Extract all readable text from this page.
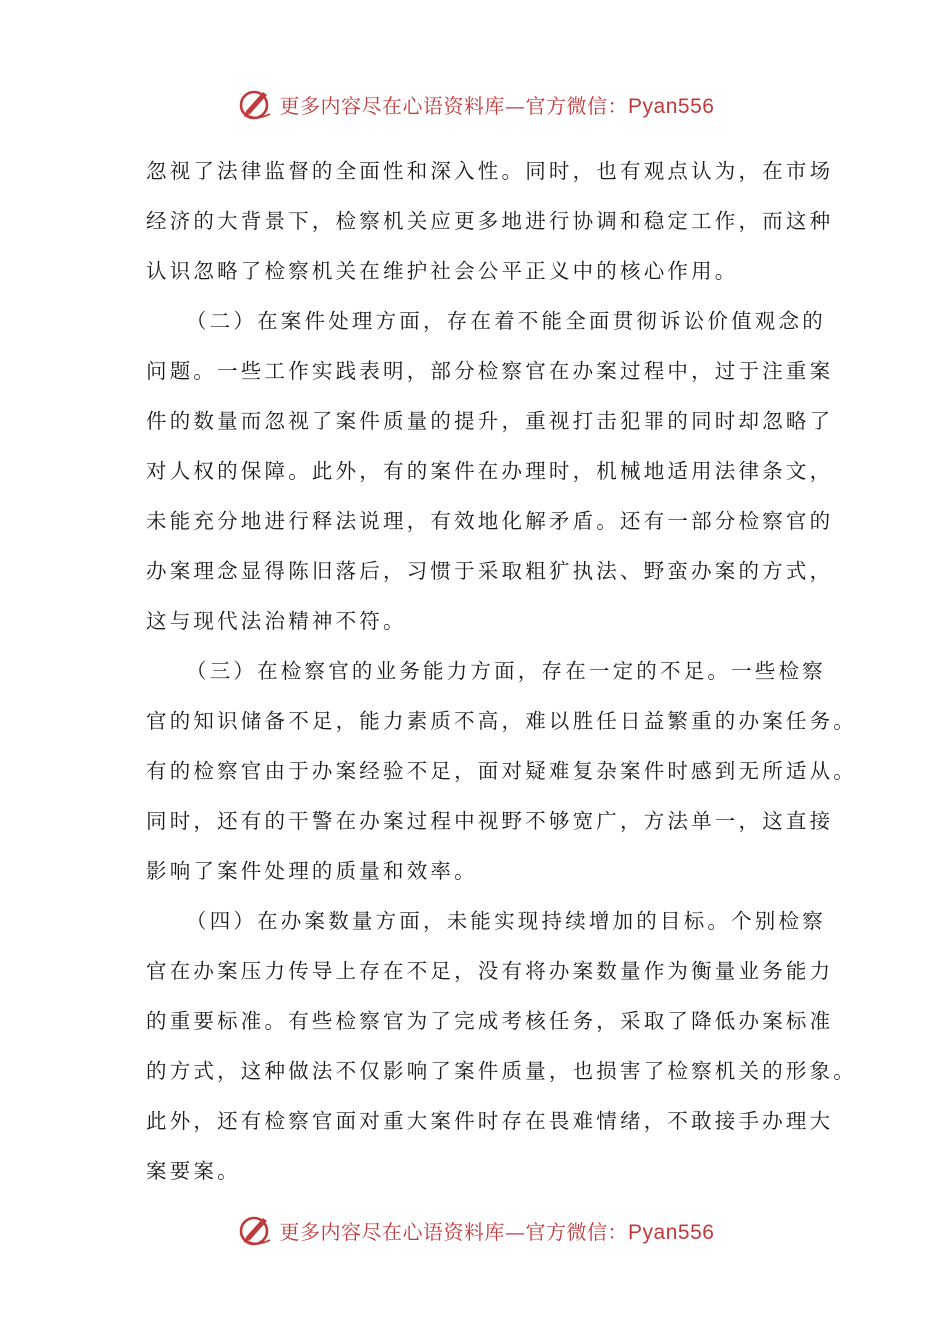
更多内容尽在心语资料库—官方微信：Pyan556
忽视了法律监督的全面性和深入性。同时，也有观点认为，在市场
经济的大背景下，检察机关应更多地进行协调和稳定工作，而这种
认识忽略了检察机关在维护社会公平正义中的核心作用。
（二）在案件处理方面，存在着不能全面贯彻诉讼价值观念的
问题。一些工作实践表明，部分检察官在办案过程中，过于注重案
件的数量而忽视了案件质量的提升，重视打击犯罪的同时却忽略了
对人权的保障。此外，有的案件在办理时，机械地适用法律条文，
未能充分地进行释法说理，有效地化解矛盾。还有一部分检察官的
办案理念显得陈旧落后，习惯于采取粗犷执法、野蛮办案的方式，
这与现代法治精神不符。
（三）在检察官的业务能力方面，存在一定的不足。一些检察
官的知识储备不足，能力素质不高，难以胜任日益繁重的办案任务。
有的检察官由于办案经验不足，面对疑难复杂案件时感到无所适从。
同时，还有的干警在办案过程中视野不够宽广，方法单一，这直接
影响了案件处理的质量和效率。
（四）在办案数量方面，未能实现持续增加的目标。个别检察
官在办案压力传导上存在不足，没有将办案数量作为衡量业务能力
的重要标准。有些检察官为了完成考核任务，采取了降低办案标准
的方式，这种做法不仅影响了案件质量，也损害了检察机关的形象。
此外，还有检察官面对重大案件时存在畏难情绪，不敢接手办理大
案要案。
更多内容尽在心语资料库—官方微信：Pyan556
